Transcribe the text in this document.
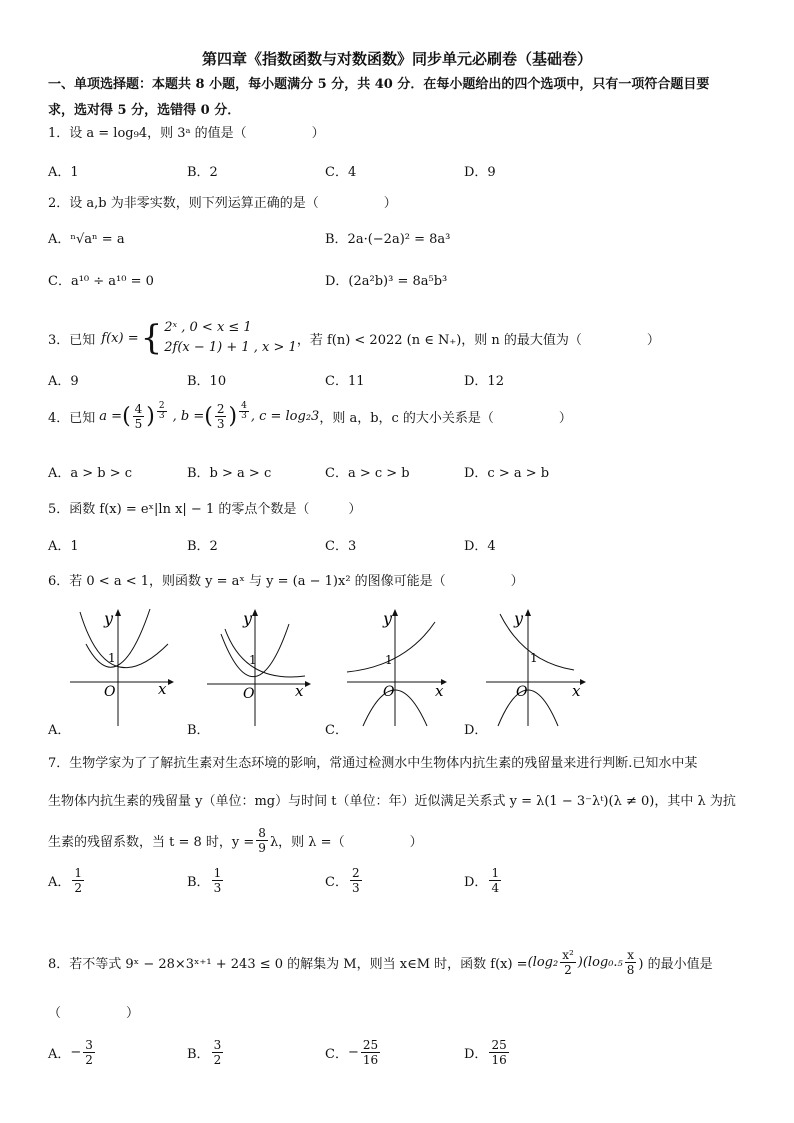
第四章《指数函数与对数函数》同步单元必刷卷（基础卷）
一、单项选择题：本题共 8 小题，每小题满分 5 分，共 40 分．在每小题给出的四个选项中，只有一项符合题目要
求，选对得 5 分，选错得 0 分．
1．设 a = log₉4，则 3ᵃ 的值是（　　　　　）
A．1	B．2	C．4	D．9
2．设 a,b 为非零实数，则下列运算正确的是（　　　　　）
A．ⁿ√aⁿ = a	B．2a·(−2a)² = 8a³
C．a¹⁰ ÷ a¹⁰ = 0	D．(2a²b)³ = 8a⁵b³
3．已知 f(x) = { 2ˣ , 0 < x ≤ 1
2f(x − 1) + 1 , x > 1 ，若 f(n) < 2022 (n ∈ N₊)，则 n 的最大值为（　　　　　）
A．9	B．10	C．11	D．12
4．已知 a = ( $\frac{4}{5}$ ) $\frac{2}{3}$ , b = ( $\frac{2}{3}$ ) $\frac{4}{3}$ , c = log₂3 ，则 a，b，c 的大小关系是（　　　　　）
A．a > b > c	B．b > a > c	C．a > c > b	D．c > a > b
5．函数 f(x) = eˣ|ln x| − 1 的零点个数是（　　　）
A．1	B．2	C．3	D．4
6．若 0 < a < 1，则函数 y = aˣ 与 y = (a − 1)x² 的图像可能是（　　　　　）
y
x
O
1
y
x
O
1
y
x
O
1
y
x
O
1
A．	B．	C．	D．
7．生物学家为了了解抗生素对生态环境的影响，常通过检测水中生物体内抗生素的残留量来进行判断.已知水中某
生物体内抗生素的残留量 y（单位：mg）与时间 t（单位：年）近似满足关系式 y = λ(1 − 3⁻λᵗ)(λ ≠ 0)，其中 λ 为抗
生素的残留系数，当 t = 8 时，$y = \frac{8}{9}$ λ，则 λ =（　　　　　）
A． $\frac{1}{2}$	B． $\frac{1}{3}$	C． $\frac{2}{3}$	D． $\frac{1}{4}$
8．若不等式 9ˣ − 28×3ˣ⁺¹ + 243 ≤ 0 的解集为 M，则当 x∈M 时，函数 $f(x) = (\log_2 \frac{\text{x²}}{2} )(\log_0._5 \frac{x}{8}$ ) 的最小值是
（　　　　　）
A． − $\frac{3}{2}$	B． $\frac{3}{2}$	C． − $\frac{25}{16}$	D． $\frac{25}{16}$
